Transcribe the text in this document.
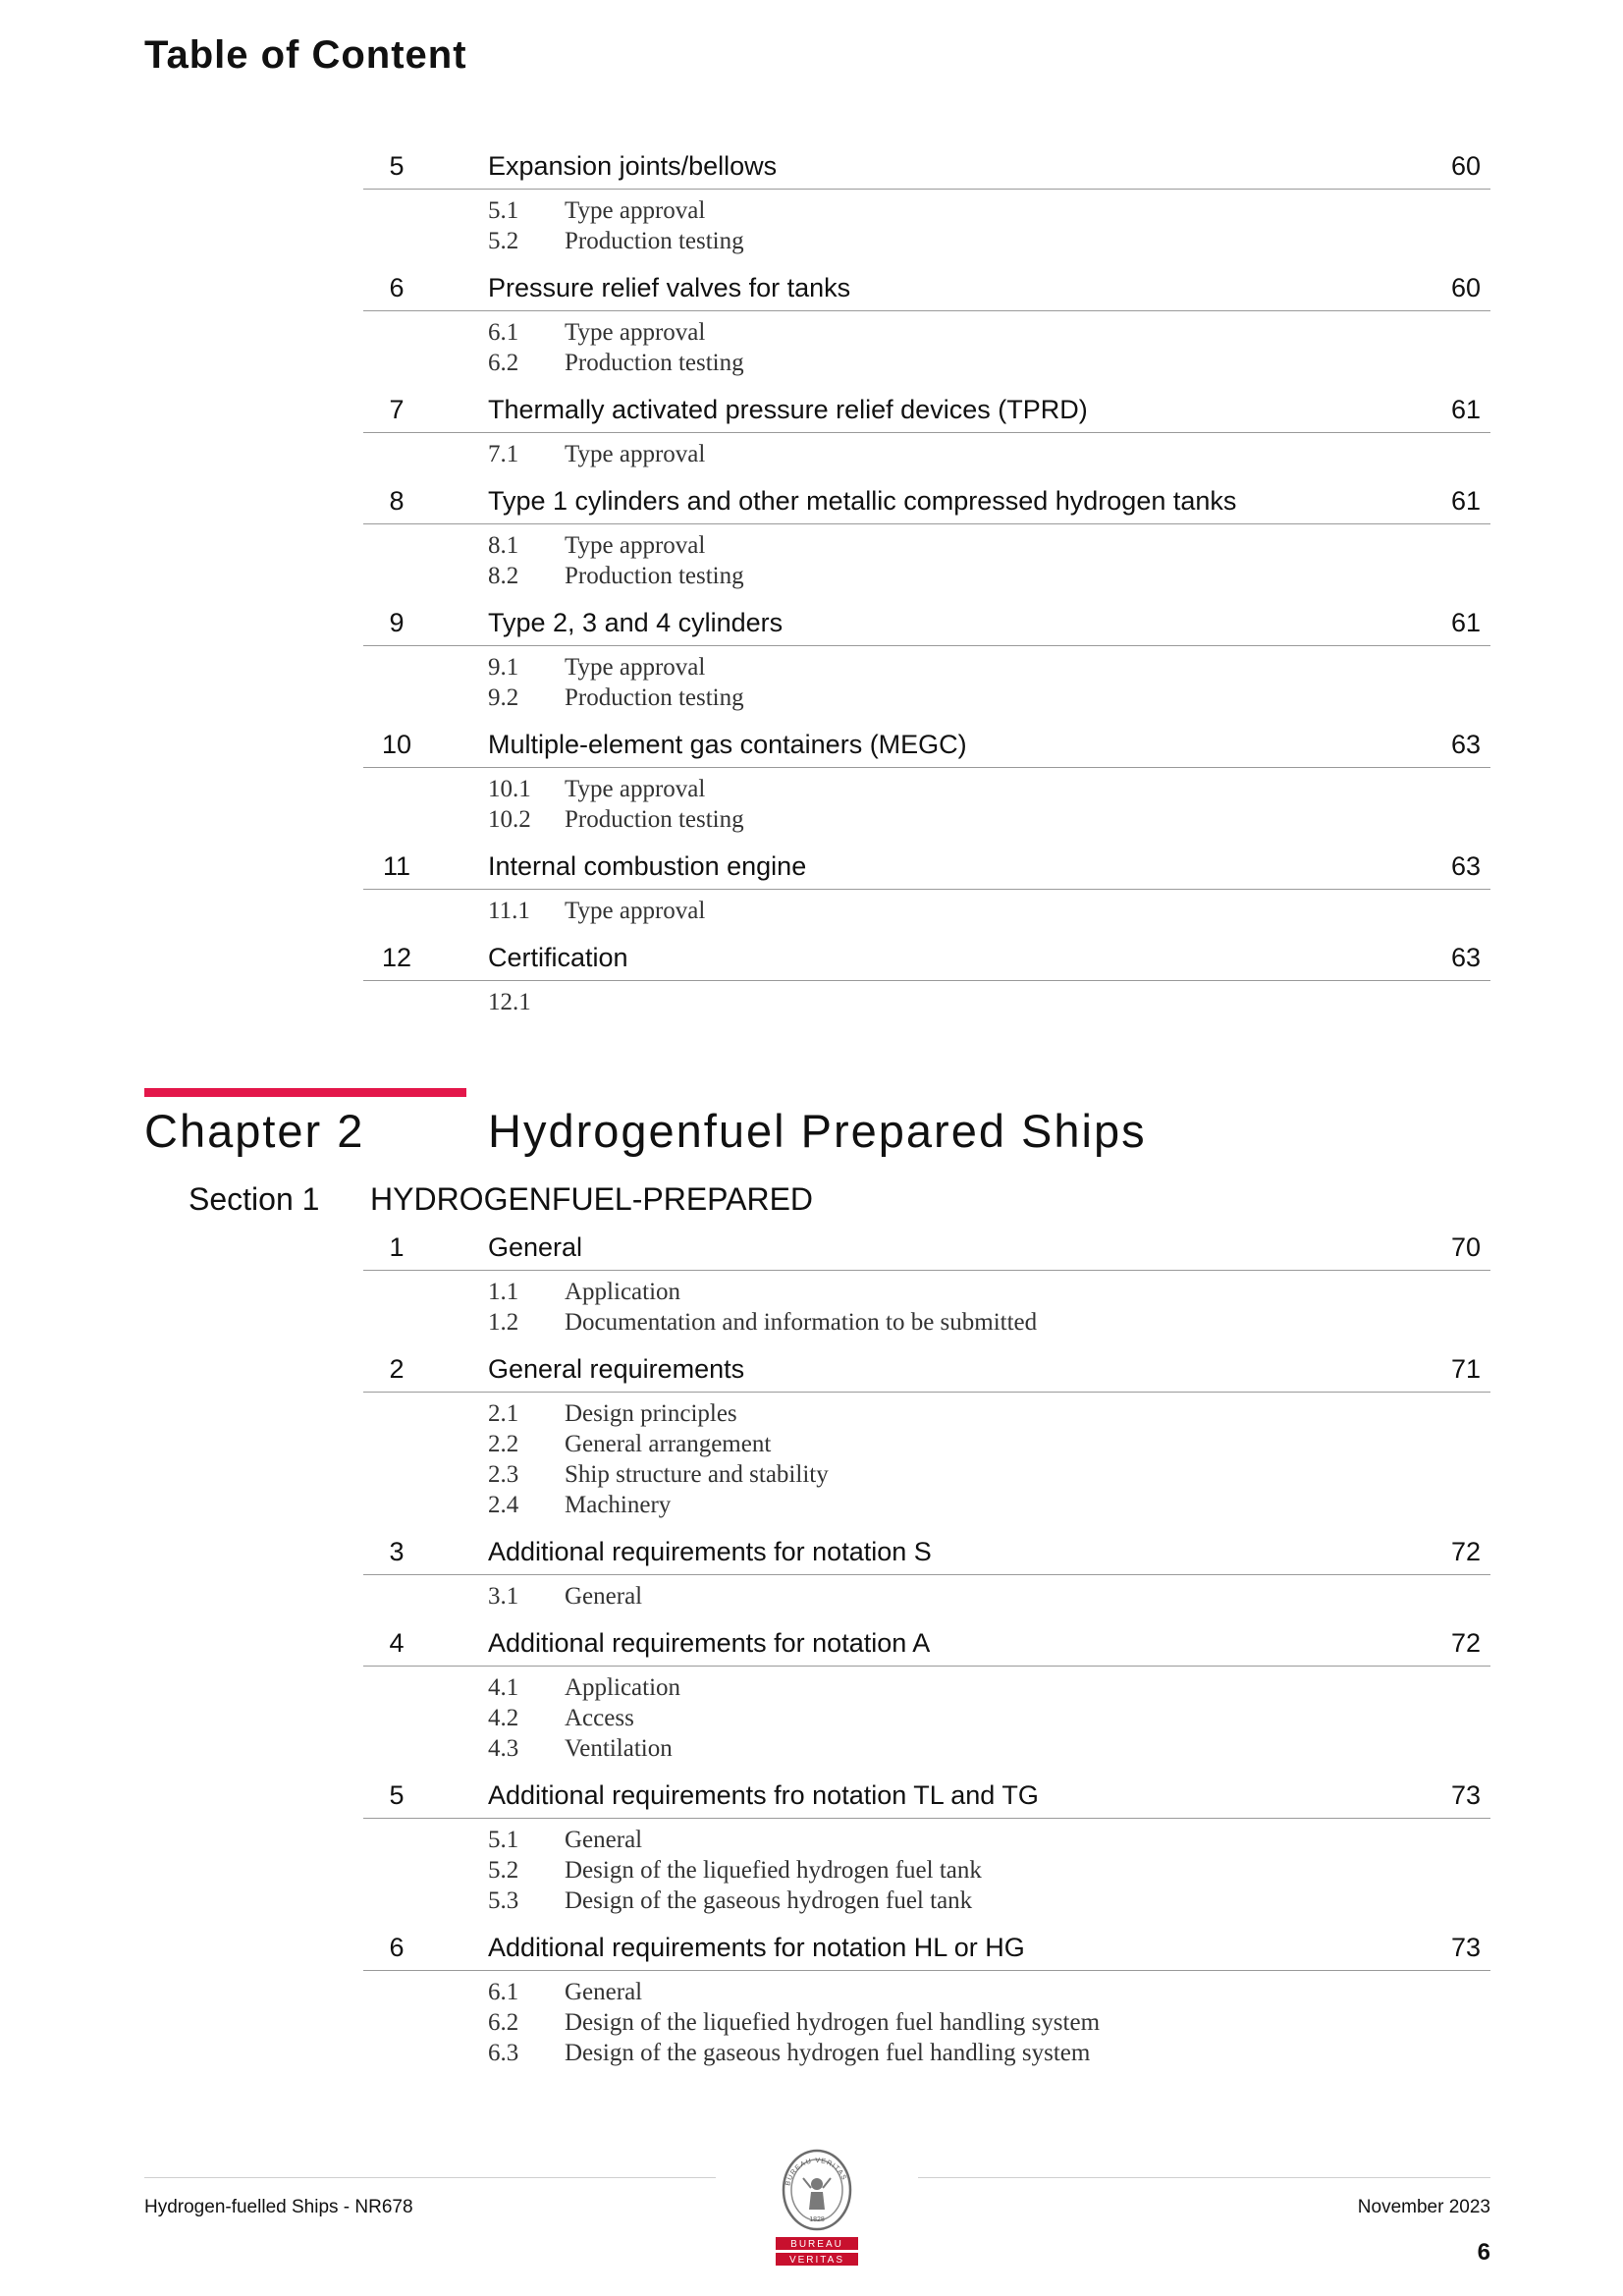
Table of Content
5	Expansion joints/bellows	60
5.1 Type approval
5.2 Production testing
6	Pressure relief valves for tanks	60
6.1 Type approval
6.2 Production testing
7	Thermally activated pressure relief devices (TPRD)	61
7.1 Type approval
8	Type 1 cylinders and other metallic compressed hydrogen tanks	61
8.1 Type approval
8.2 Production testing
9	Type 2, 3 and 4 cylinders	61
9.1 Type approval
9.2 Production testing
10	Multiple-element gas containers (MEGC)	63
10.1 Type approval
10.2 Production testing
11	Internal combustion engine	63
11.1 Type approval
12	Certification	63
12.1
Chapter 2	Hydrogenfuel Prepared Ships
Section 1 HYDROGENFUEL-PREPARED
1	General	70
1.1 Application
1.2 Documentation and information to be submitted
2	General requirements	71
2.1 Design principles
2.2 General arrangement
2.3 Ship structure and stability
2.4 Machinery
3	Additional requirements for notation S	72
3.1 General
4	Additional requirements for notation A	72
4.1 Application
4.2 Access
4.3 Ventilation
5	Additional requirements fro notation TL and TG	73
5.1 General
5.2 Design of the liquefied hydrogen fuel tank
5.3 Design of the gaseous hydrogen fuel tank
6	Additional requirements for notation HL or HG	73
6.1 General
6.2 Design of the liquefied hydrogen fuel handling system
6.3 Design of the gaseous hydrogen fuel handling system
Hydrogen-fuelled Ships - NR678	November 2023
6
BUREAU VERITAS
1828
BUREAU
VERITAS
